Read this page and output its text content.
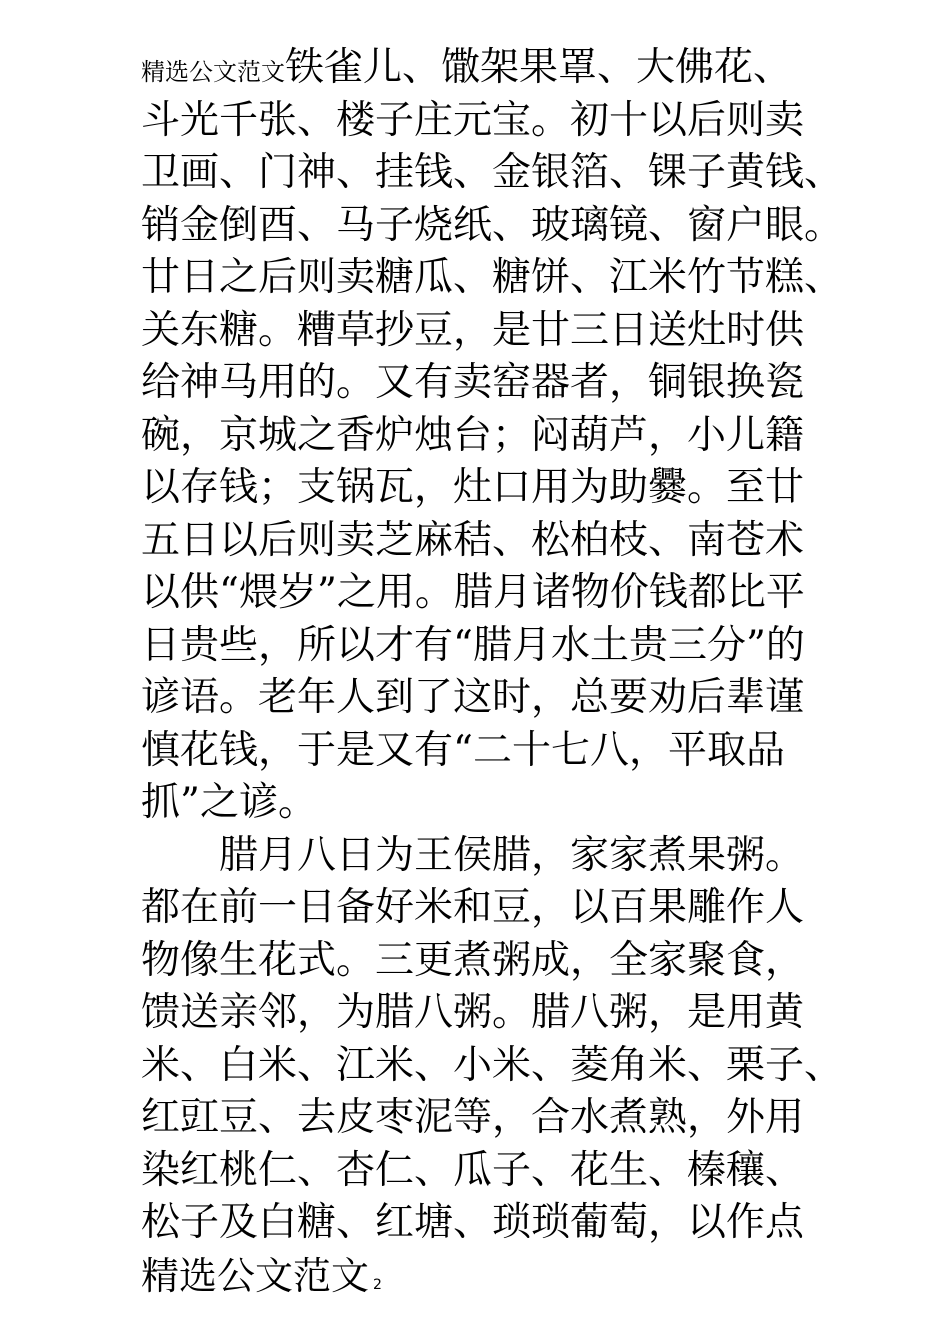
精选公文范文铁雀儿、馓架果罩、大佛花、
斗光千张、楼子庄元宝。初十以后则卖
卫画、门神、挂钱、金银箔、锞子黄钱、
销金倒酉、马子烧纸、玻璃镜、窗户眼。
廿日之后则卖糖瓜、糖饼、江米竹节糕、
关东糖。糟草抄豆，是廿三日送灶时供
给神马用的。又有卖窑器者，铜银换瓷
碗，京城之香炉烛台；闷葫芦，小儿籍
以存钱；支锅瓦，灶口用为助爨。至廿
五日以后则卖芝麻秸、松柏枝、南苍术
以供“煨岁”之用。腊月诸物价钱都比平
日贵些，所以才有“腊月水土贵三分”的
谚语。老年人到了这时，总要劝后辈谨
慎花钱，于是又有“二十七八，平取品
抓”之谚。
腊月八日为王侯腊，家家煮果粥。
都在前一日备好米和豆，以百果雕作人
物像生花式。三更煮粥成，全家聚食，
馈送亲邻，为腊八粥。腊八粥，是用黄
米、白米、江米、小米、菱角米、栗子、
红豇豆、去皮枣泥等，合水煮熟，外用
染红桃仁、杏仁、瓜子、花生、榛穰、
松子及白糖、红塘、琐琐葡萄，以作点
精选公文范文 2
